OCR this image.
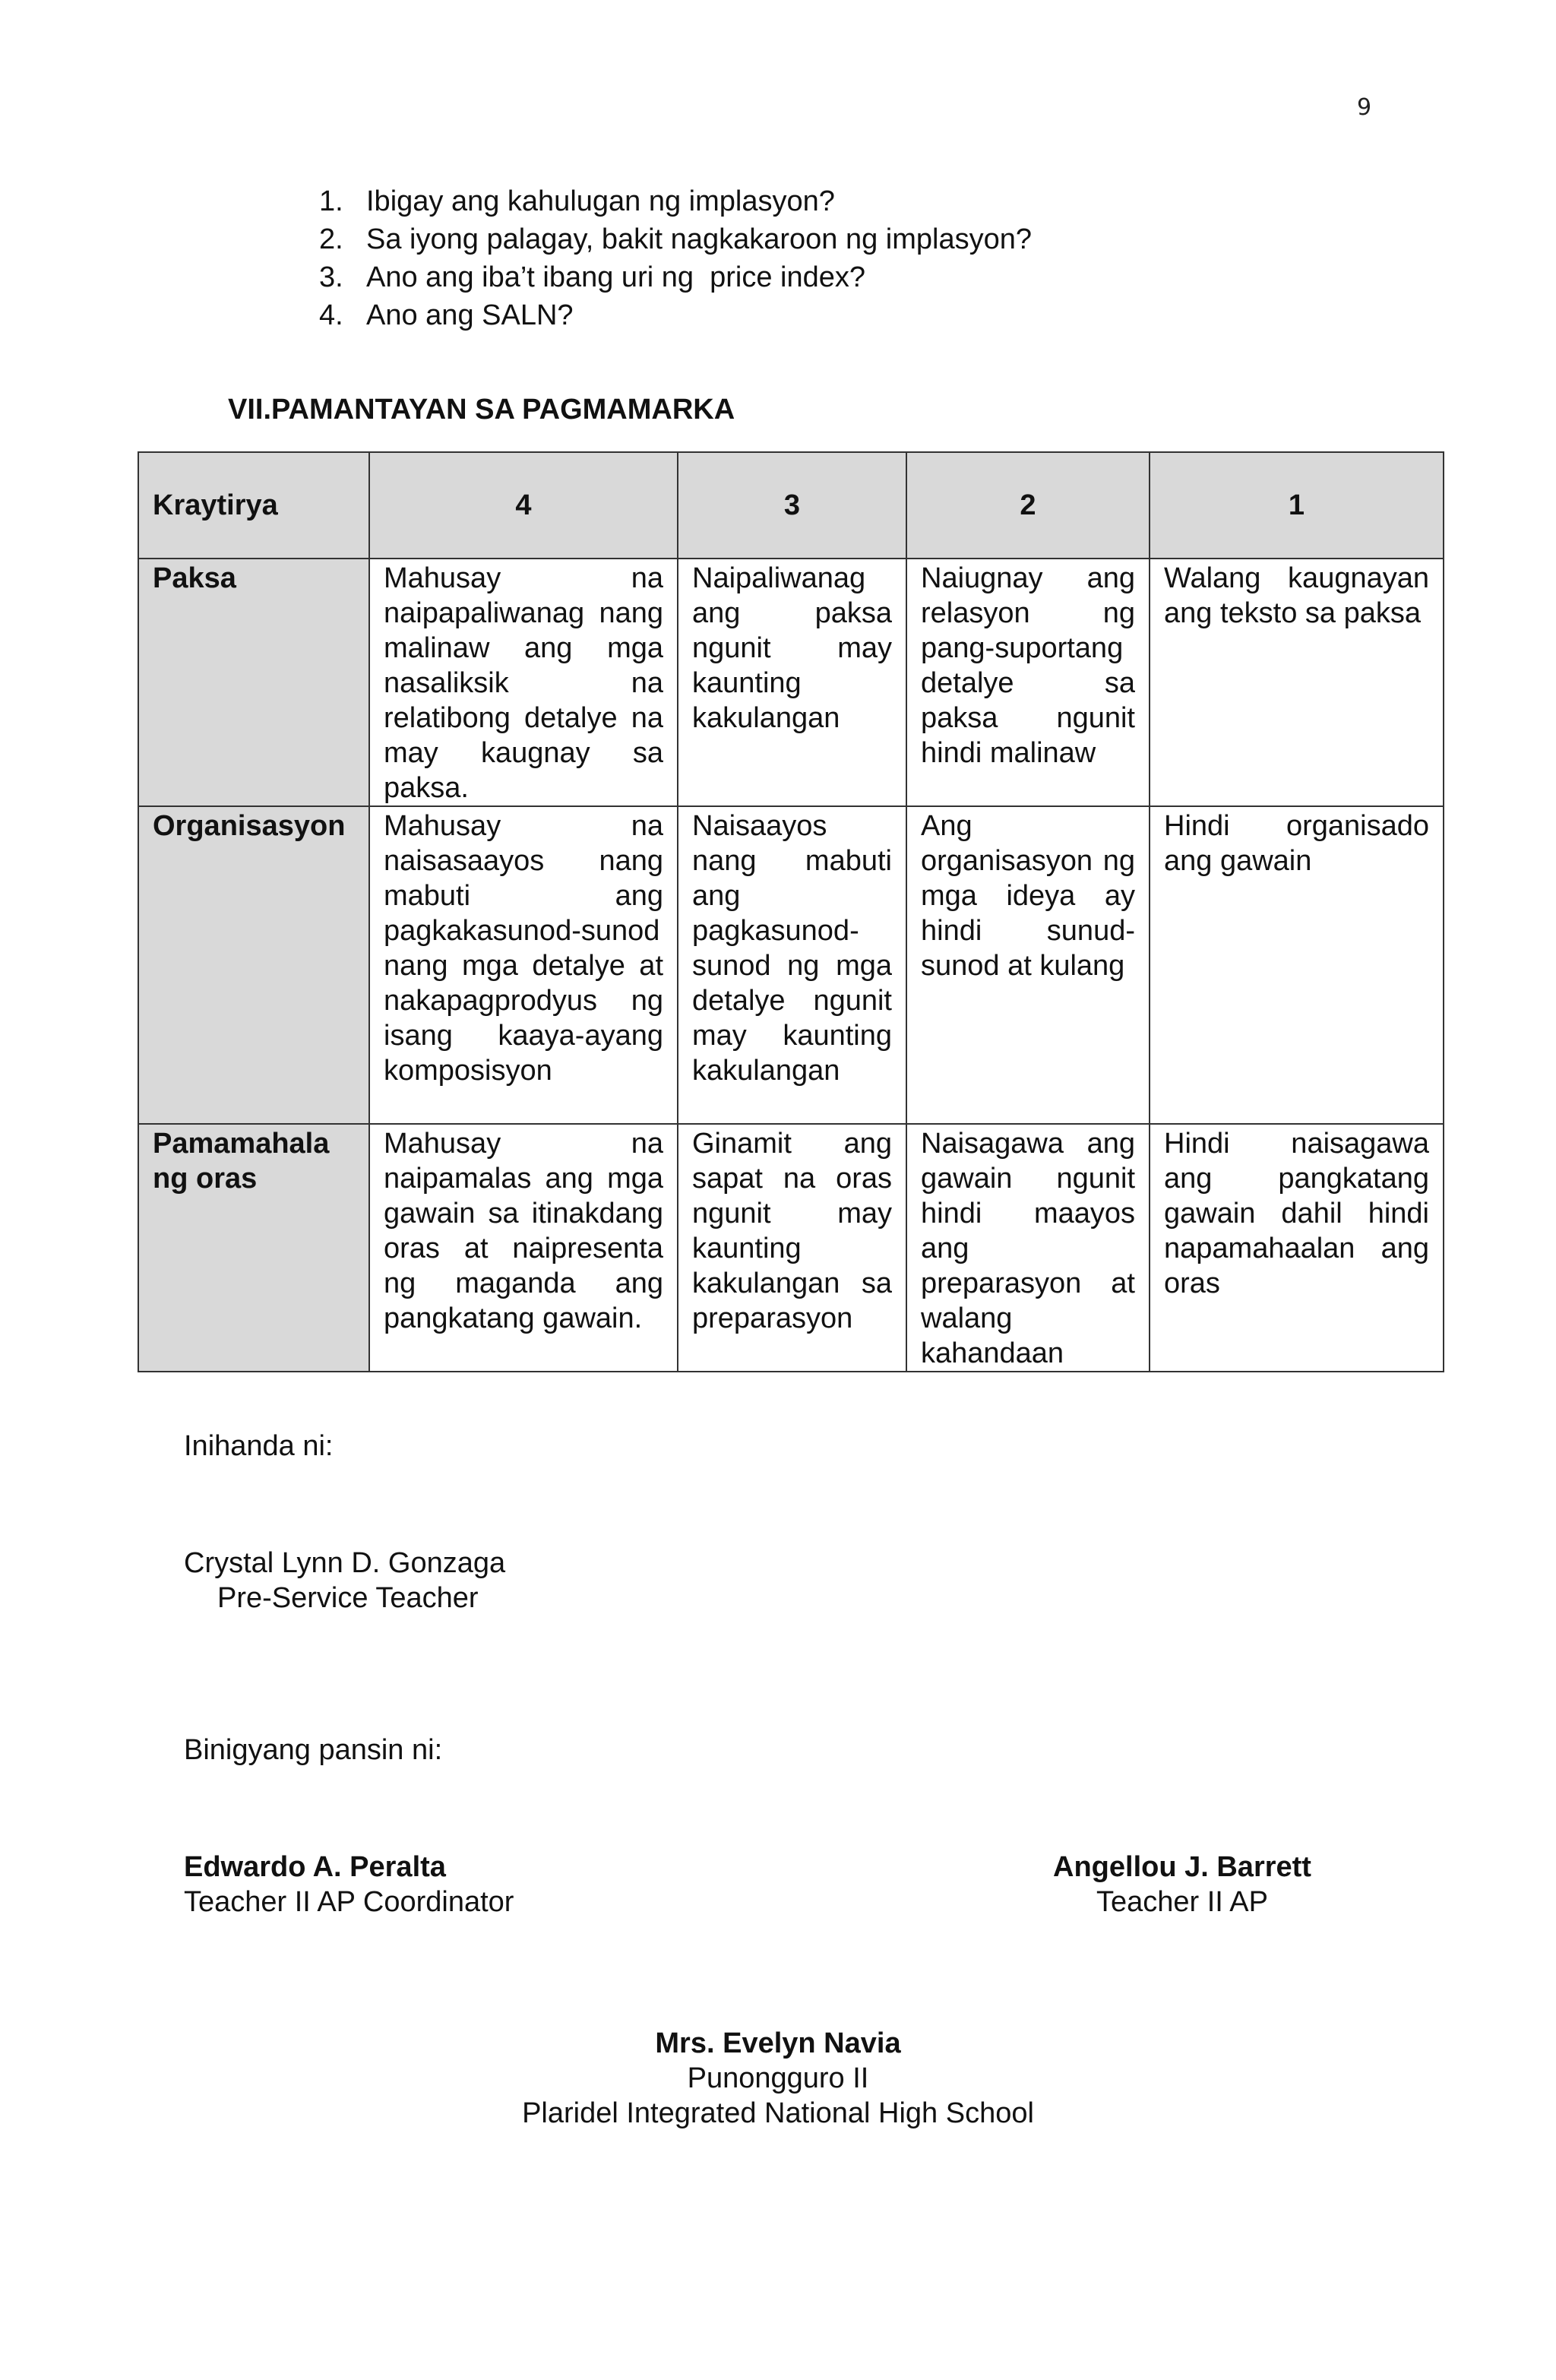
9
1. Ibigay ang kahulugan ng implasyon?
2. Sa iyong palagay, bakit nagkakaroon ng implasyon?
3. Ano ang iba’t ibang uri ng  price index?
4. Ano ang SALN?
VII.PAMANTAYAN SA PAGMAMARKA
Kraytirya	4	3	2	1
Paksa	Mahusay na naipapaliwanag nang malinaw ang mga nasaliksik na relatibong detalye na may kaugnay sa paksa.	Naipaliwanag ang paksa ngunit may kaunting kakulangan	Naiugnay ang relasyon ng pang-suportang detalye sa paksa ngunit hindi malinaw	Walang kaugnayan ang teksto sa paksa
Organisasyon	Mahusay na naisasaayos nang mabuti ang pagkakasunod-sunod nang mga detalye at nakapagprodyus ng isang kaaya-ayang komposisyon	Naisaayos nang mabuti ang pagkasunod-sunod ng mga detalye ngunit may kaunting kakulangan	Ang organisasyon ng mga ideya ay hindi sunud-sunod at kulang	Hindi organisado ang gawain
Pamamahala ng oras	Mahusay na naipamalas ang mga gawain sa itinakdang oras at naipresenta ng maganda ang pangkatang gawain.	Ginamit ang sapat na oras ngunit may kaunting kakulangan sa preparasyon	Naisagawa ang gawain ngunit hindi maayos ang preparasyon at walang kahandaan	Hindi naisagawa ang pangkatang gawain dahil hindi napamahaalan ang oras
Inihanda ni:
Crystal Lynn D. Gonzaga
Pre-Service Teacher
Binigyang pansin ni:
Edwardo A. Peralta
Teacher II AP Coordinator
Angellou J. Barrett
Teacher II AP
Mrs. Evelyn Navia
Punongguro II
Plaridel Integrated National High School
